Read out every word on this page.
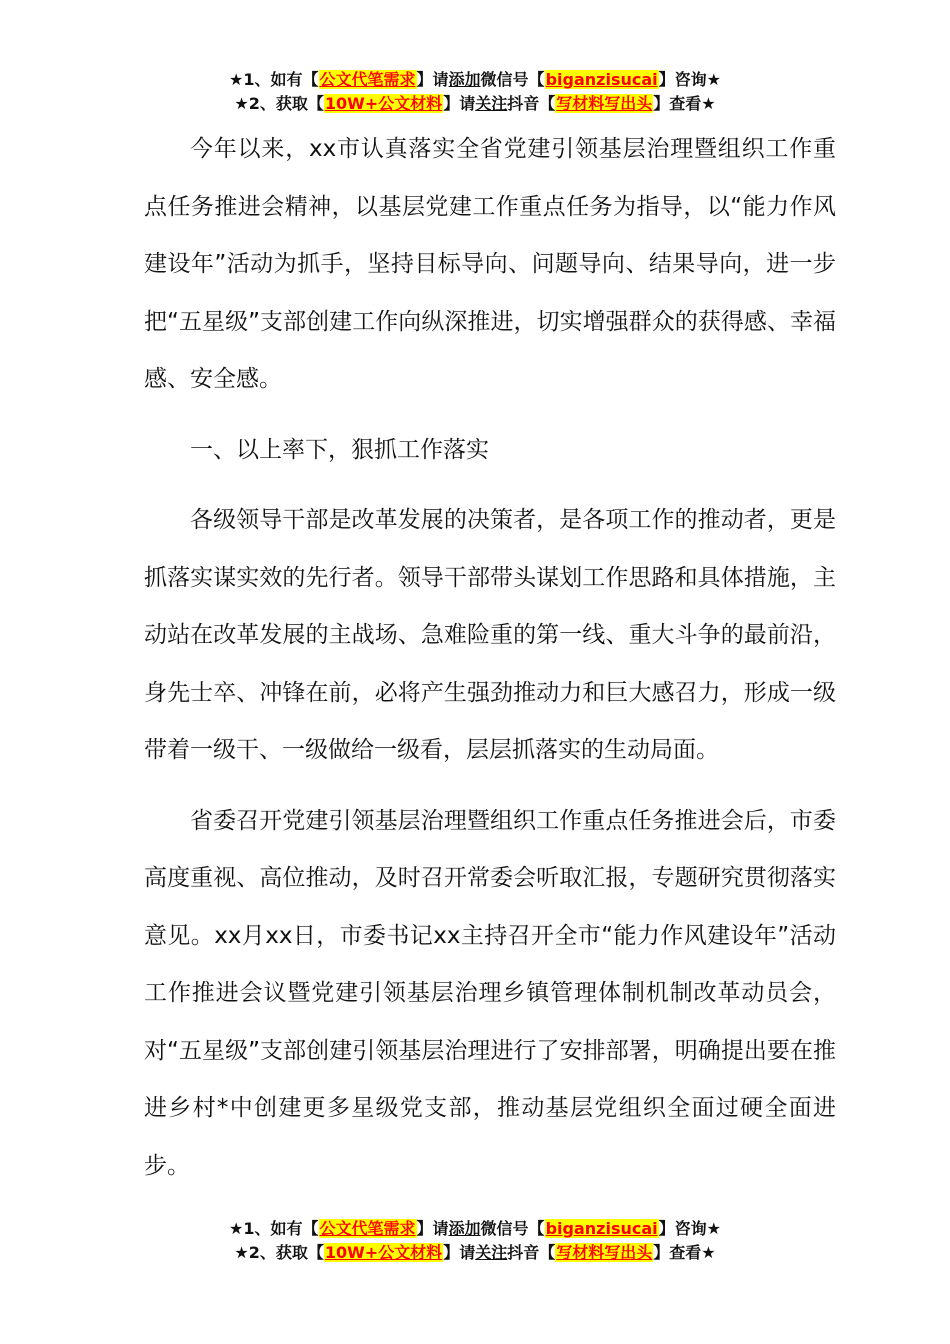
★1、如有【公文代笔需求】请添加微信号【biganzisucai】咨询★
★2、获取【10W+公文材料】请关注抖音【写材料写出头】查看★

今年以来，xx市认真落实全省党建引领基层治理暨组织工作重点任务推进会精神，以基层党建工作重点任务为指导，以“能力作风建设年”活动为抓手，坚持目标导向、问题导向、结果导向，进一步把“五星级”支部创建工作向纵深推进，切实增强群众的获得感、幸福感、安全感。

一、以上率下，狠抓工作落实

各级领导干部是改革发展的决策者，是各项工作的推动者，更是抓落实谋实效的先行者。领导干部带头谋划工作思路和具体措施，主动站在改革发展的主战场、急难险重的第一线、重大斗争的最前沿，身先士卒、冲锋在前，必将产生强劲推动力和巨大感召力，形成一级带着一级干、一级做给一级看，层层抓落实的生动局面。

省委召开党建引领基层治理暨组织工作重点任务推进会后，市委高度重视、高位推动，及时召开常委会听取汇报，专题研究贯彻落实意见。xx月xx日，市委书记xx主持召开全市“能力作风建设年”活动工作推进会议暨党建引领基层治理乡镇管理体制机制改革动员会，对“五星级”支部创建引领基层治理进行了安排部署，明确提出要在推进乡村*中创建更多星级党支部，推动基层党组织全面过硬全面进步。

★1、如有【公文代笔需求】请添加微信号【biganzisucai】咨询★
★2、获取【10W+公文材料】请关注抖音【写材料写出头】查看★
